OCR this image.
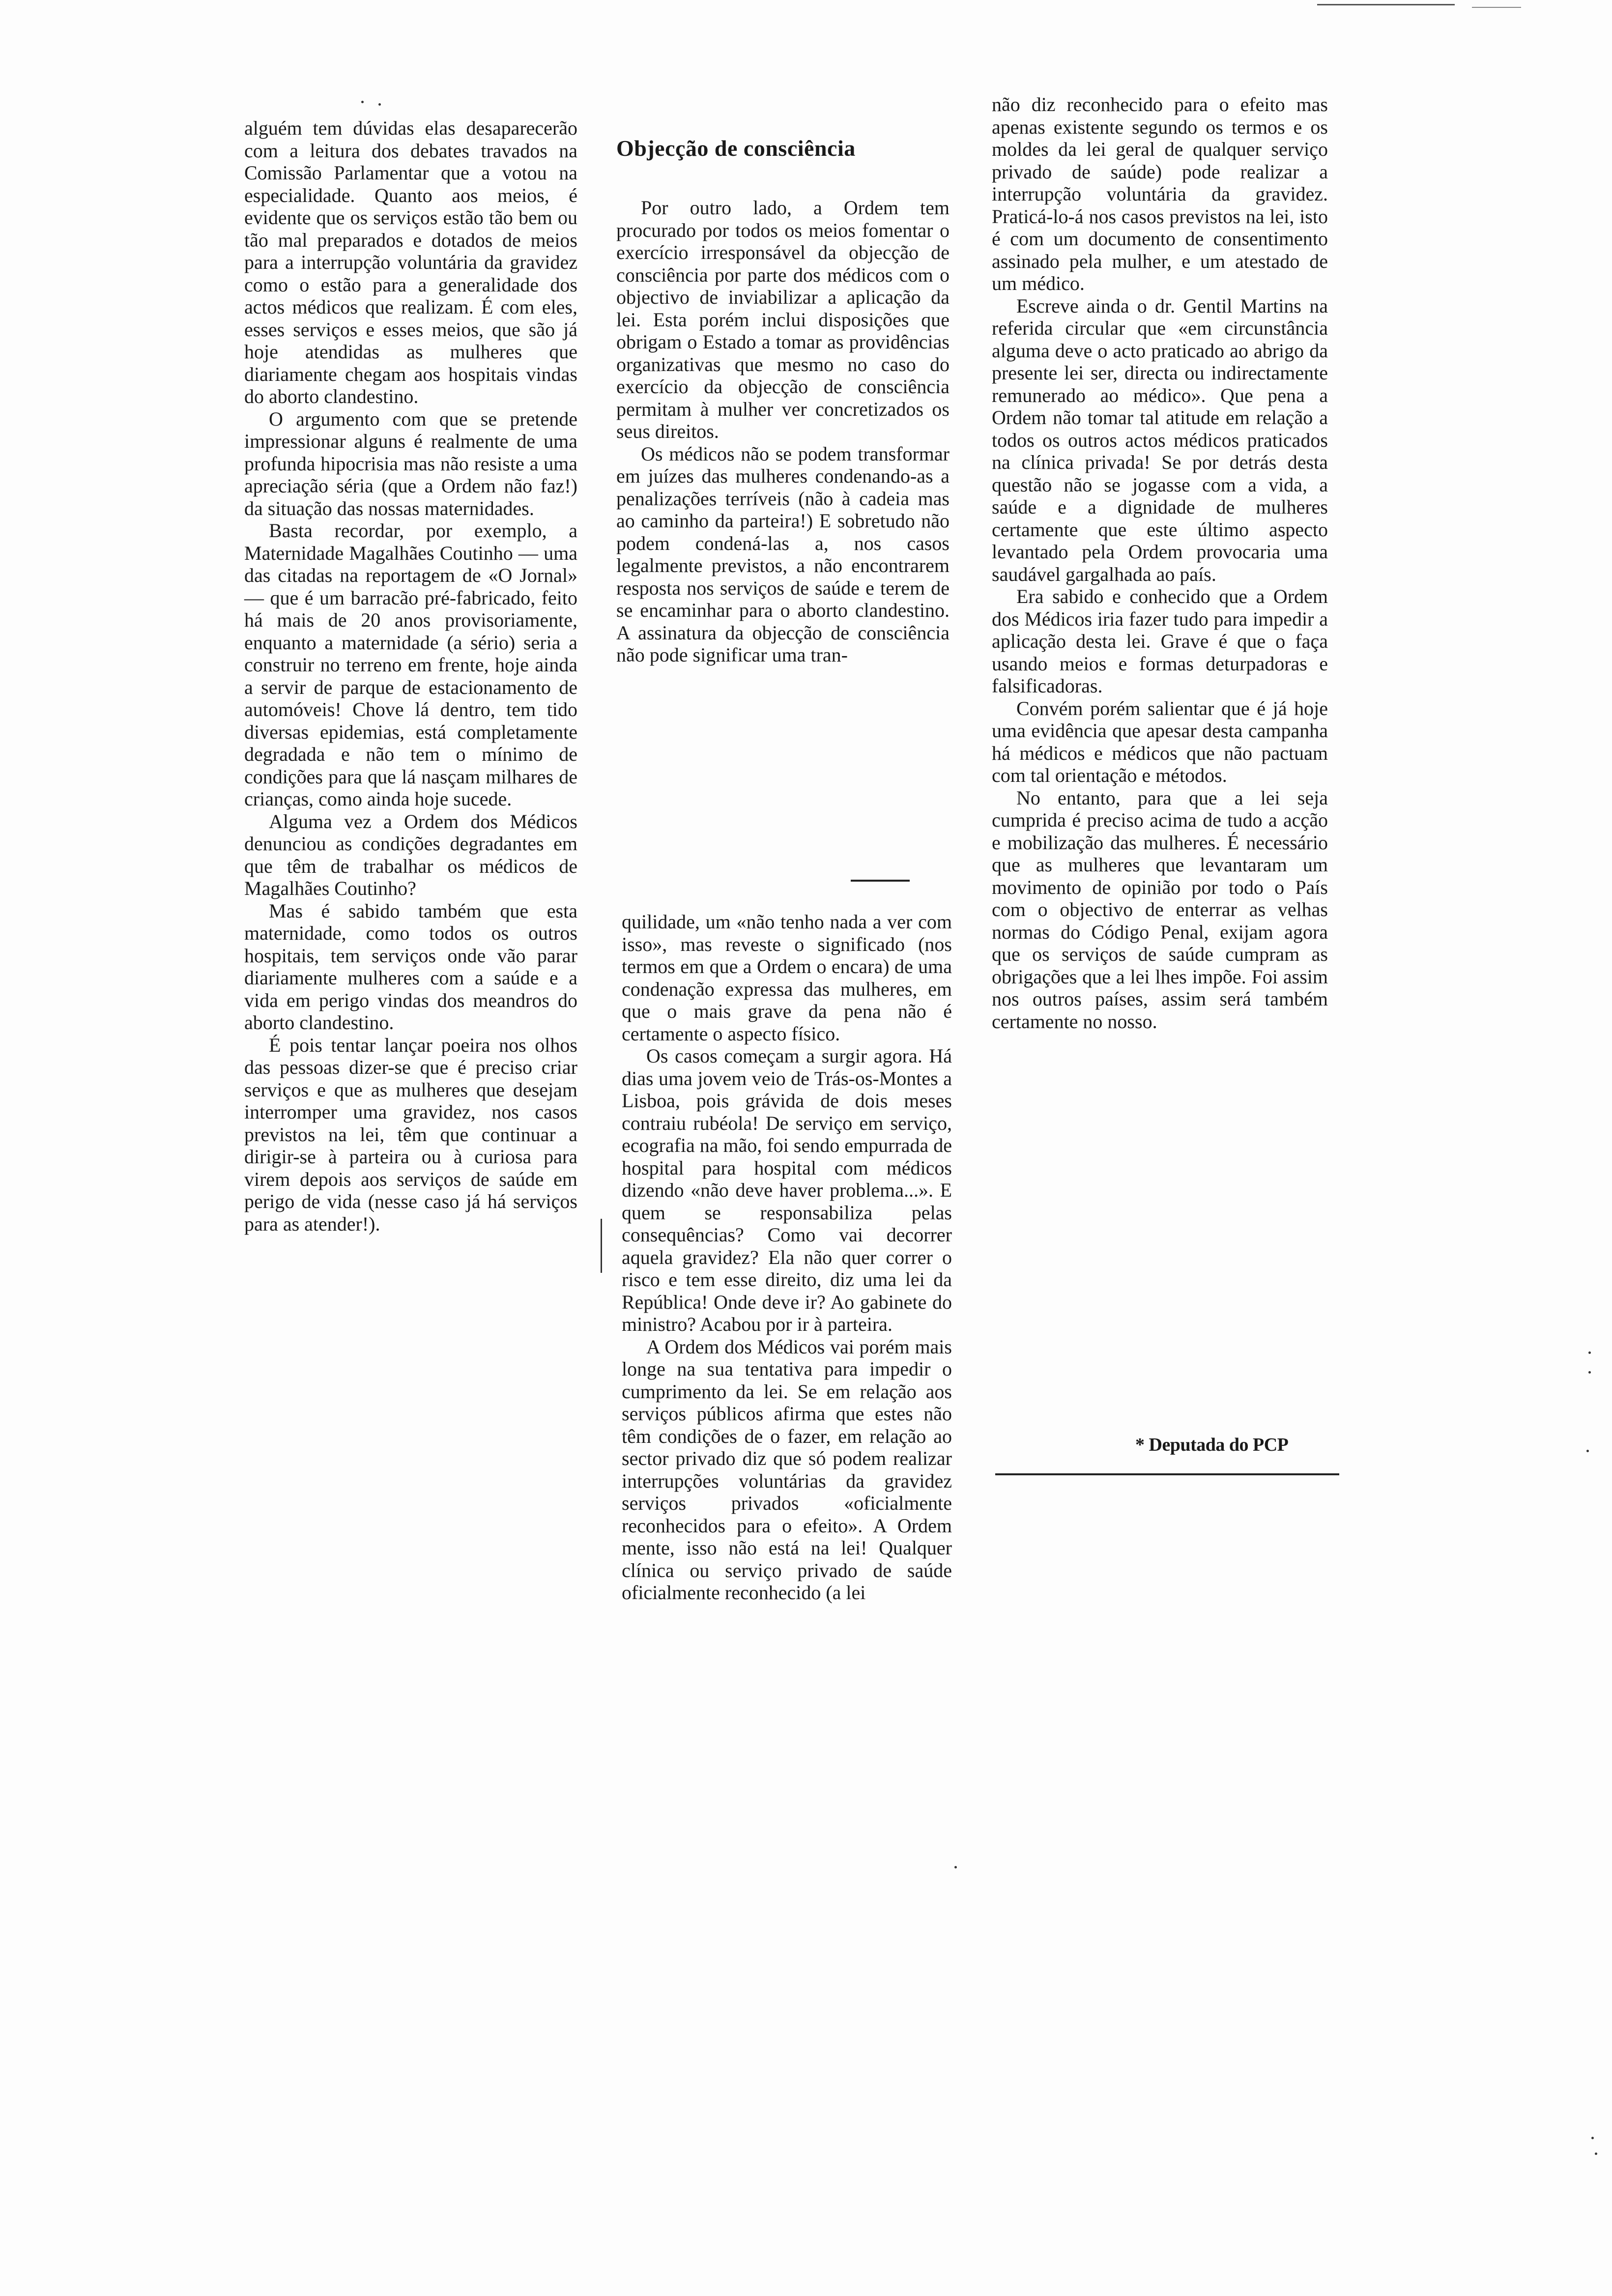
alguém tem dúvidas elas desaparecerão com a leitura dos debates travados na Comissão Parlamentar que a votou na especialidade. Quanto aos meios, é evidente que os serviços estão tão bem ou tão mal preparados e dotados de meios para a interrupção voluntária da gravidez como o estão para a generalidade dos actos médicos que realizam. É com eles, esses serviços e esses meios, que são já hoje atendidas as mulheres que diariamente chegam aos hospitais vindas do aborto clandestino.

O argumento com que se pretende impressionar alguns é realmente de uma profunda hipocrisia mas não resiste a uma apreciação séria (que a Ordem não faz!) da situação das nossas maternidades.

Basta recordar, por exemplo, a Maternidade Magalhães Coutinho — uma das citadas na reportagem de «O Jornal» — que é um barracão pré-fabricado, feito há mais de 20 anos provisoriamente, enquanto a maternidade (a sério) seria a construir no terreno em frente, hoje ainda a servir de parque de estacionamento de automóveis! Chove lá dentro, tem tido diversas epidemias, está completamente degradada e não tem o mínimo de condições para que lá nasçam milhares de crianças, como ainda hoje sucede.

Alguma vez a Ordem dos Médicos denunciou as condições degradantes em que têm de trabalhar os médicos de Magalhães Coutinho?

Mas é sabido também que esta maternidade, como todos os outros hospitais, tem serviços onde vão parar diariamente mulheres com a saúde e a vida em perigo vindas dos meandros do aborto clandestino.

É pois tentar lançar poeira nos olhos das pessoas dizer-se que é preciso criar serviços e que as mulheres que desejam interromper uma gravidez, nos casos previstos na lei, têm que continuar a dirigir-se à parteira ou à curiosa para virem depois aos serviços de saúde em perigo de vida (nesse caso já há serviços para as atender!).

Objecção de consciência

Por outro lado, a Ordem tem procurado por todos os meios fomentar o exercício irresponsável da objecção de consciência por parte dos médicos com o objectivo de inviabilizar a aplicação da lei. Esta porém inclui disposições que obrigam o Estado a tomar as providências organizativas que mesmo no caso do exercício da objecção de consciência permitam à mulher ver concretizados os seus direitos.

Os médicos não se podem transformar em juízes das mulheres condenando-as a penalizações terríveis (não à cadeia mas ao caminho da parteira!) E sobretudo não podem condená-las a, nos casos legalmente previstos, a não encontrarem resposta nos serviços de saúde e terem de se encaminhar para o aborto clandestino. A assinatura da objecção de consciência não pode significar uma tran-

quilidade, um «não tenho nada a ver com isso», mas reveste o significado (nos termos em que a Ordem o encara) de uma condenação expressa das mulheres, em que o mais grave da pena não é certamente o aspecto físico.

Os casos começam a surgir agora. Há dias uma jovem veio de Trás-os-Montes a Lisboa, pois grávida de dois meses contraiu rubéola! De serviço em serviço, ecografia na mão, foi sendo empurrada de hospital para hospital com médicos dizendo «não deve haver problema...». E quem se responsabiliza pelas consequências? Como vai decorrer aquela gravidez? Ela não quer correr o risco e tem esse direito, diz uma lei da República! Onde deve ir? Ao gabinete do ministro? Acabou por ir à parteira.

A Ordem dos Médicos vai porém mais longe na sua tentativa para impedir o cumprimento da lei. Se em relação aos serviços públicos afirma que estes não têm condições de o fazer, em relação ao sector privado diz que só podem realizar interrupções voluntárias da gravidez serviços privados «oficialmente reconhecidos para o efeito». A Ordem mente, isso não está na lei! Qualquer clínica ou serviço privado de saúde oficialmente reconhecido (a lei

não diz reconhecido para o efeito mas apenas existente segundo os termos e os moldes da lei geral de qualquer serviço privado de saúde) pode realizar a interrupção voluntária da gravidez. Praticá-lo-á nos casos previstos na lei, isto é com um documento de consentimento assinado pela mulher, e um atestado de um médico.

Escreve ainda o dr. Gentil Martins na referida circular que «em circunstância alguma deve o acto praticado ao abrigo da presente lei ser, directa ou indirectamente remunerado ao médico». Que pena a Ordem não tomar tal atitude em relação a todos os outros actos médicos praticados na clínica privada! Se por detrás desta questão não se jogasse com a vida, a saúde e a dignidade de mulheres certamente que este último aspecto levantado pela Ordem provocaria uma saudável gargalhada ao país.

Era sabido e conhecido que a Ordem dos Médicos iria fazer tudo para impedir a aplicação desta lei. Grave é que o faça usando meios e formas deturpadoras e falsificadoras.

Convém porém salientar que é já hoje uma evidência que apesar desta campanha há médicos e médicos que não pactuam com tal orientação e métodos.

No entanto, para que a lei seja cumprida é preciso acima de tudo a acção e mobilização das mulheres. É necessário que as mulheres que levantaram um movimento de opinião por todo o País com o objectivo de enterrar as velhas normas do Código Penal, exijam agora que os serviços de saúde cumpram as obrigações que a lei lhes impõe. Foi assim nos outros países, assim será também certamente no nosso.

* Deputada do PCP
